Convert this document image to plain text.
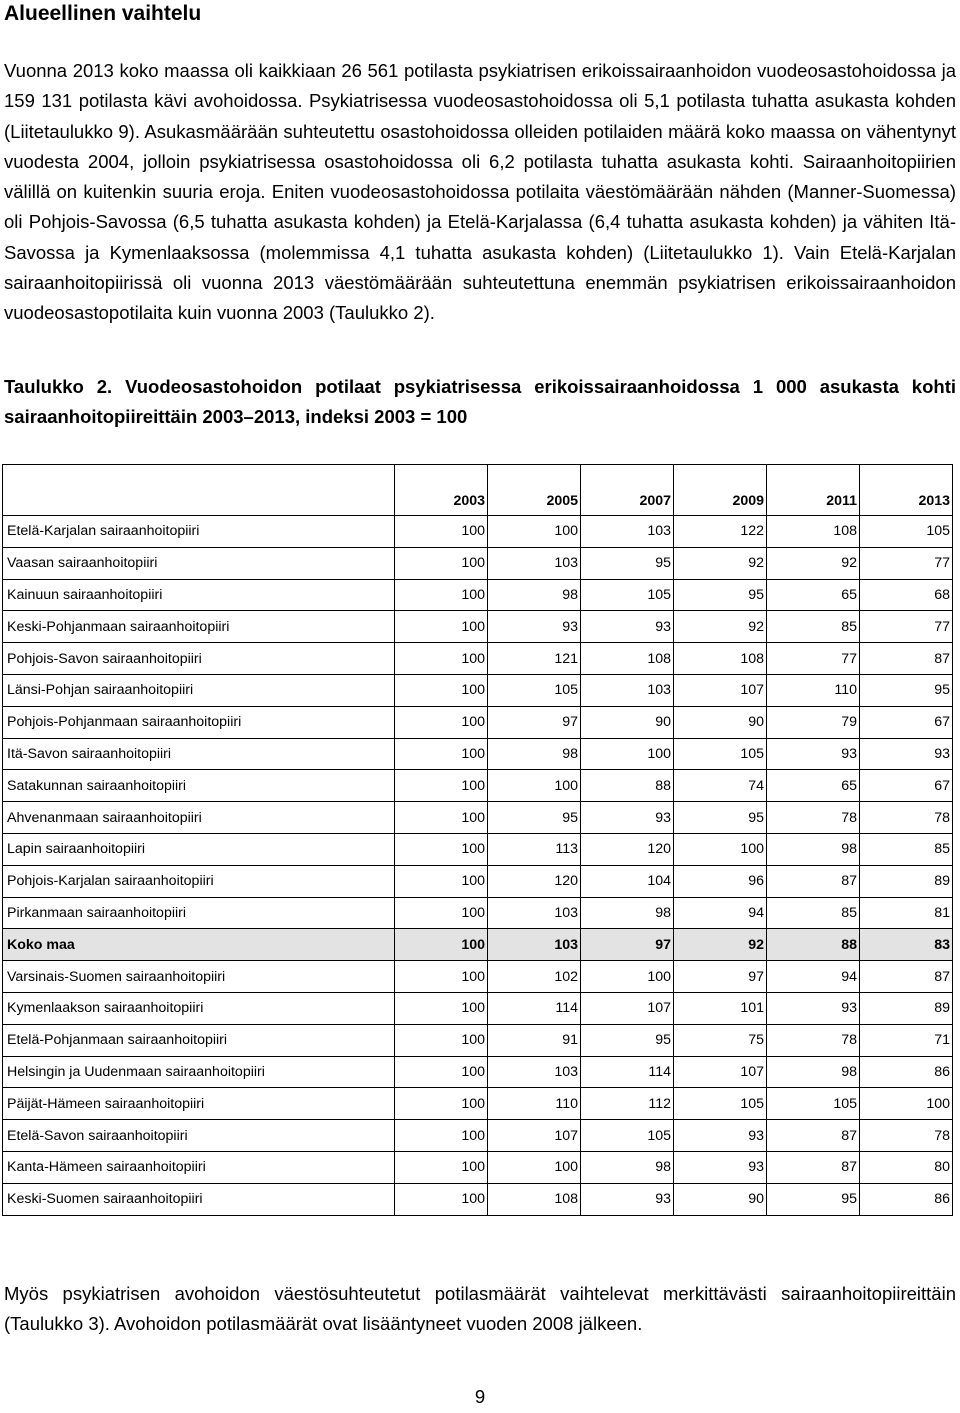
Alueellinen vaihtelu

Vuonna 2013 koko maassa oli kaikkiaan 26 561 potilasta psykiatrisen erikoissairaanhoidon vuodeosastohoidossa ja 159 131 potilasta kävi avohoidossa. Psykiatrisessa vuodeosastohoidossa oli 5,1 potilasta tuhatta asukasta kohden (Liitetaulukko 9). Asukasmäärään suhteutettu osastohoidossa olleiden potilaiden määrä koko maassa on vähentynyt vuodesta 2004, jolloin psykiatrisessa osastohoidossa oli 6,2 potilasta tuhatta asukasta kohti. Sairaanhoitopiirien välillä on kuitenkin suuria eroja. Eniten vuodeosastohoidossa potilaita väestömäärään nähden (Manner-Suomessa) oli Pohjois-Savossa (6,5 tuhatta asukasta kohden) ja Etelä-Karjalassa (6,4 tuhatta asukasta kohden) ja vähiten Itä-Savossa ja Kymenlaaksossa (molemmissa 4,1 tuhatta asukasta kohden) (Liitetaulukko 1). Vain Etelä-Karjalan sairaanhoitopiirissä oli vuonna 2013 väestömäärään suhteutettuna enemmän psykiatrisen erikoissairaanhoidon vuodeosastopotilaita kuin vuonna 2003 (Taulukko 2).

Taulukko 2. Vuodeosastohoidon potilaat psykiatrisessa erikoissairaanhoidossa 1 000 asukasta kohti sairaanhoitopiireittäin 2003–2013, indeksi 2003 = 100

	2003	2005	2007	2009	2011	2013
Etelä-Karjalan sairaanhoitopiiri	100	100	103	122	108	105
Vaasan sairaanhoitopiiri	100	103	95	92	92	77
Kainuun sairaanhoitopiiri	100	98	105	95	65	68
Keski-Pohjanmaan sairaanhoitopiiri	100	93	93	92	85	77
Pohjois-Savon sairaanhoitopiiri	100	121	108	108	77	87
Länsi-Pohjan sairaanhoitopiiri	100	105	103	107	110	95
Pohjois-Pohjanmaan sairaanhoitopiiri	100	97	90	90	79	67
Itä-Savon sairaanhoitopiiri	100	98	100	105	93	93
Satakunnan sairaanhoitopiiri	100	100	88	74	65	67
Ahvenanmaan sairaanhoitopiiri	100	95	93	95	78	78
Lapin sairaanhoitopiiri	100	113	120	100	98	85
Pohjois-Karjalan sairaanhoitopiiri	100	120	104	96	87	89
Pirkanmaan sairaanhoitopiiri	100	103	98	94	85	81
Koko maa	100	103	97	92	88	83
Varsinais-Suomen sairaanhoitopiiri	100	102	100	97	94	87
Kymenlaakson sairaanhoitopiiri	100	114	107	101	93	89
Etelä-Pohjanmaan sairaanhoitopiiri	100	91	95	75	78	71
Helsingin ja Uudenmaan sairaanhoitopiiri	100	103	114	107	98	86
Päijät-Hämeen sairaanhoitopiiri	100	110	112	105	105	100
Etelä-Savon sairaanhoitopiiri	100	107	105	93	87	78
Kanta-Hämeen sairaanhoitopiiri	100	100	98	93	87	80
Keski-Suomen sairaanhoitopiiri	100	108	93	90	95	86

Myös psykiatrisen avohoidon väestösuhteutetut potilasmäärät vaihtelevat merkittävästi sairaanhoitopiireittäin (Taulukko 3). Avohoidon potilasmäärät ovat lisääntyneet vuoden 2008 jälkeen.

9
